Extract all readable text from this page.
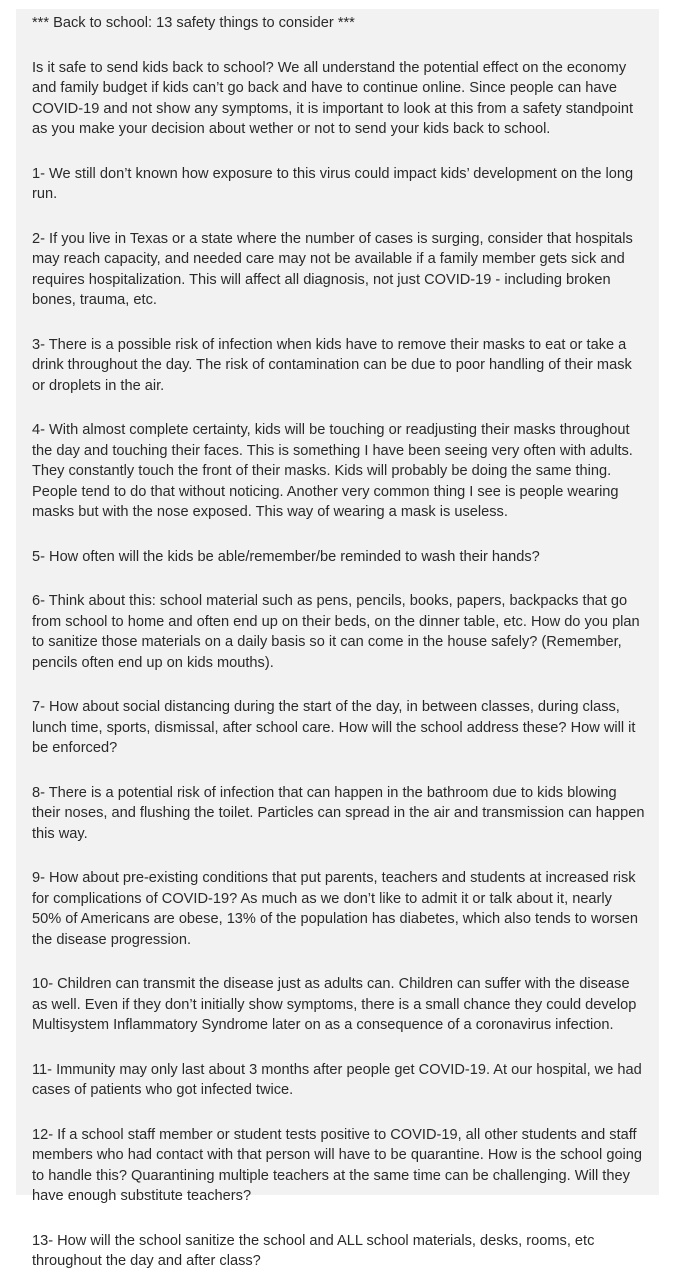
*** Back to school: 13 safety things to consider ***

Is it safe to send kids back to school? We all understand the potential effect on the economy and family budget if kids can’t go back and have to continue online. Since people can have COVID-19 and not show any symptoms, it is important to look at this from a safety standpoint as you make your decision about wether or not to send your kids back to school.

1- We still don’t known how exposure to this virus could impact kids’ development on the long run.

2- If you live in Texas or a state where the number of cases is surging, consider that hospitals may reach capacity, and needed care may not be available if a family member gets sick and requires hospitalization. This will affect all diagnosis, not just COVID-19 - including broken bones, trauma, etc.

3- There is a possible risk of infection when kids have to remove their masks to eat or take a drink throughout the day. The risk of contamination can be due to poor handling of their mask or droplets in the air.

4- With almost complete certainty, kids will be touching or readjusting their masks throughout the day and touching their faces. This is something I have been seeing very often with adults. They constantly touch the front of their masks. Kids will probably be doing the same thing. People tend to do that without noticing. Another very common thing I see is people wearing masks but with the nose exposed. This way of wearing a mask is useless.

5- How often will the kids be able/remember/be reminded to wash their hands?

6- Think about this: school material such as pens, pencils, books, papers, backpacks that go from school to home and often end up on their beds, on the dinner table, etc. How do you plan to sanitize those materials on a daily basis so it can come in the house safely? (Remember, pencils often end up on kids mouths).

7- How about social distancing during the start of the day, in between classes, during class, lunch time, sports, dismissal, after school care. How will the school address these? How will it be enforced?

8- There is a potential risk of infection that can happen in the bathroom due to kids blowing their noses, and flushing the toilet. Particles can spread in the air and transmission can happen this way.

9- How about pre-existing conditions that put parents, teachers and students at increased risk for complications of COVID-19? As much as we don’t like to admit it or talk about it, nearly 50% of Americans are obese, 13% of the population has diabetes, which also tends to worsen the disease progression.

10- Children can transmit the disease just as adults can. Children can suffer with the disease as well. Even if they don’t initially show symptoms, there is a small chance they could develop Multisystem Inflammatory Syndrome later on as a consequence of a coronavirus infection.

11- Immunity may only last about 3 months after people get COVID-19. At our hospital, we had cases of patients who got infected twice.

12- If a school staff member or student tests positive to COVID-19, all other students and staff members who had contact with that person will have to be quarantine. How is the school going to handle this? Quarantining multiple teachers at the same time can be challenging. Will they have enough substitute teachers?

13- How will the school sanitize the school and ALL school materials, desks, rooms, etc throughout the day and after class?
